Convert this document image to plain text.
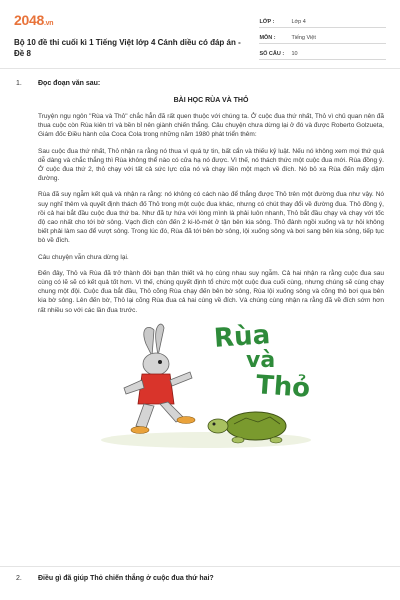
2048.vn
Bộ 10 đề thi cuối kì 1 Tiếng Việt lớp 4 Cánh diều có đáp án - Đề 8
LỚP :	Lớp 4
MÔN :	Tiếng Việt
SỐ CÂU :	10
1.	Đọc đoạn văn sau:
BÀI HỌC RÙA VÀ THỎ

Truyện ngụ ngôn "Rùa và Thỏ" chắc hẳn đã rất quen thuộc với chúng ta. Ở cuộc đua thứ nhất, Thỏ vì chủ quan nên đã thua cuộc còn Rùa kiên trì và bền bỉ nên giành chiến thắng. Câu chuyện chưa dừng lại ở đó và được Roberto Golzueta, Giám đốc Điều hành của Coca Cola trong những năm 1980 phát triển thêm:

Sau cuộc đua thứ nhất, Thỏ nhận ra rằng nó thua vì quá tự tin, bất cẩn và thiếu kỷ luật. Nếu nó không xem mọi thứ quá dễ dàng và chắc thắng thì Rùa không thể nào có cửa hạ nó được. Vì thế, nó thách thức một cuộc đua mới. Rùa đồng ý. Ở cuộc đua thứ 2, thỏ chạy với tất cả sức lực của nó và chạy liền một mạch về đích. Nó bỏ xa Rùa đến mấy dặm đường.

Rùa đã suy ngẫm kết quả và nhận ra rằng: nó không có cách nào để thắng được Thỏ trên một đường đua như vậy. Nó suy nghĩ thêm và quyết định thách đố Thỏ trong một cuộc đua khác, nhưng có chút thay đổi về đường đua. Thỏ đồng ý, rồi cả hai bắt đầu cuộc đua thứ ba. Như đã tự hứa với lòng mình là phải luôn nhanh, Thỏ bắt đầu chạy và chạy với tốc độ cao nhất cho tới bờ sông. Vạch đích còn đến 2 ki-lô-mét ở tận bên kia sông. Thỏ đành ngồi xuống và tự hỏi không biết phải làm sao để vượt sông. Trong lúc đó, Rùa đã tới bên bờ sông, lội xuống sông và bơi sang bên kia sông, tiếp tục bò về đích.

Câu chuyện vẫn chưa dừng lại.

Đến đây, Thỏ và Rùa đã trở thành đôi bạn thân thiết và họ cùng nhau suy ngẫm. Cả hai nhận ra rằng cuộc đua sau cùng có lẽ sẽ có kết quả tốt hơn. Vì thế, chúng quyết định tổ chức một cuộc đua cuối cùng, nhưng chúng sẽ cùng chạy chung một đội. Cuộc đua bắt đầu, Thỏ cõng Rùa chạy đến bên bờ sông, Rùa lội xuống sông và cõng thỏ bơi qua bên kia bờ sông. Lên đến bờ, Thỏ lại cõng Rùa đua cả hai cùng về đích. Và chúng cùng nhận ra rằng đã về đích sớm hơn rất nhiều so với các lần đua trước.

Rùa
và
Thỏ
2.	Điều gì đã giúp Thỏ chiến thắng ở cuộc đua thứ hai?
